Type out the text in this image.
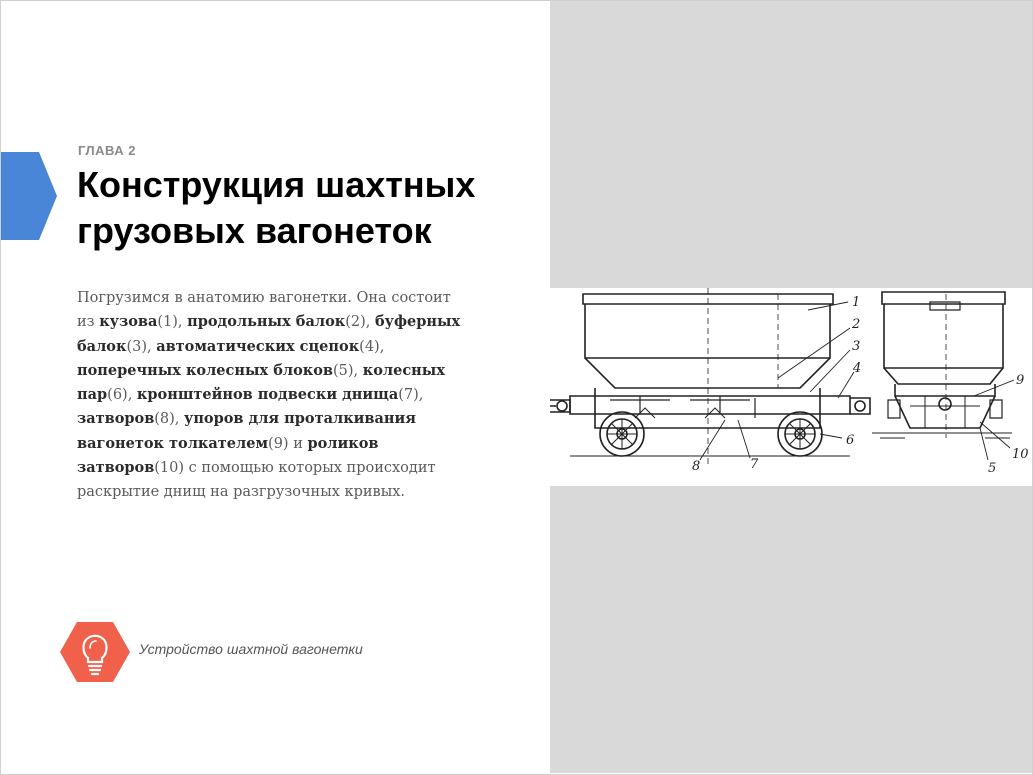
1
2
3
4
6
7
8
9
10
5
ГЛАВА 2
Конструкция шахтных
грузовых вагонеток
Погрузимся в анатомию вагонетки. Она состоит из кузова(1), продольных балок(2), буферных балок(3), автоматических сцепок(4), поперечных колесных блоков(5), колесных пар(6), кронштейнов подвески днища(7), затворов(8), упоров для проталкивания вагонеток толкателем(9) и роликов затворов(10) с помощью которых происходит раскрытие днищ на разгрузочных кривых.
Устройство шахтной вагонетки
